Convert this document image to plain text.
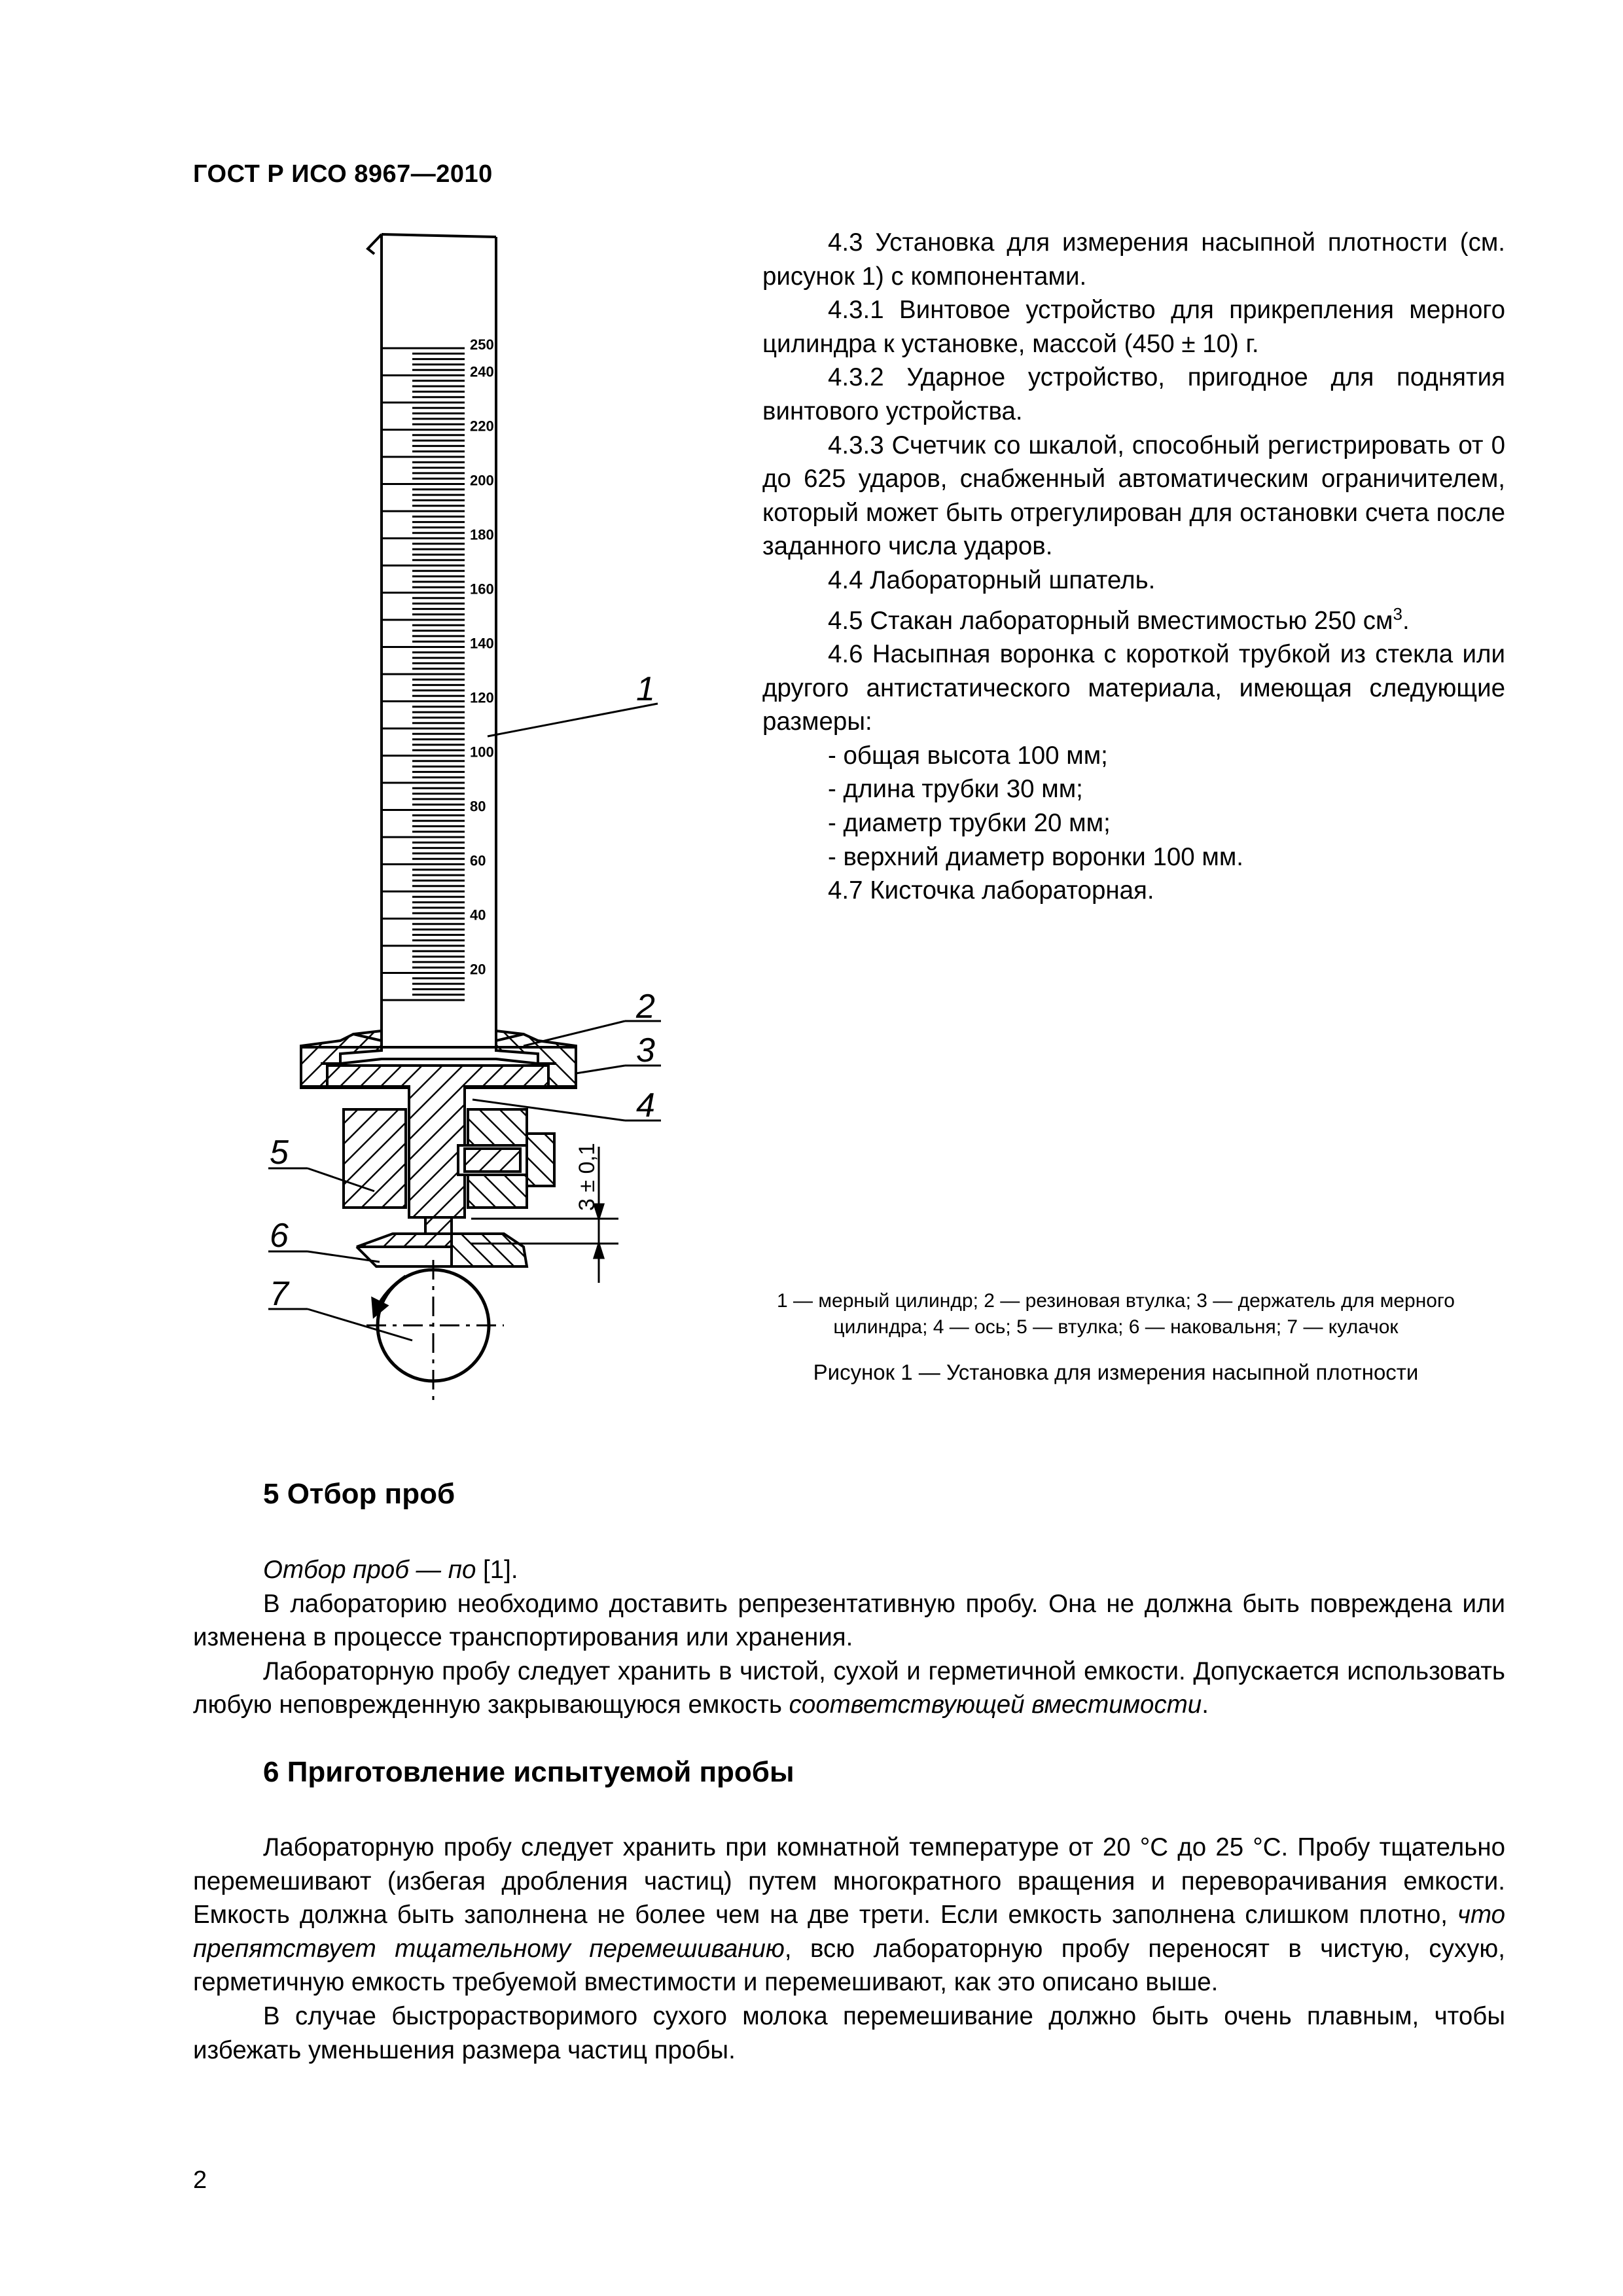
ГОСТ Р ИСО 8967—2010
250
240
220
200
180
160
140
120
100
80
60
40
20
3 ± 0,1
1
2
3
4
5
6
7

4.3 Установка для измерения насыпной плотности (см. рисунок 1) с компонентами.

4.3.1 Винтовое устройство для прикрепления мерного цилиндра к установке, массой (450 ± 10) г.

4.3.2 Ударное устройство, пригодное для поднятия винтового устройства.

4.3.3 Счетчик со шкалой, способный регистрировать от 0 до 625 ударов, снабженный автоматическим ограничителем, который может быть отрегулирован для остановки счета после заданного числа ударов.

4.4 Лабораторный шпатель.

4.5 Стакан лабораторный вместимостью 250 $см^3$.

4.6 Насыпная воронка с короткой трубкой из стекла или другого антистатического материала, имеющая следующие размеры:

- общая высота 100 мм;

- длина трубки 30 мм;

- диаметр трубки 20 мм;

- верхний диаметр воронки 100 мм.

4.7 Кисточка лабораторная.

1 — мерный цилиндр; 2 — резиновая втулка; 3 — держатель для мерного
цилиндра; 4 — ось; 5 — втулка; 6 — наковальня; 7 — кулачок
Рисунок 1 — Установка для измерения насыпной плотности
5 Отбор проб

Отбор проб — по [1].

В лабораторию необходимо доставить репрезентативную пробу. Она не должна быть повреждена или изменена в процессе транспортирования или хранения.

Лабораторную пробу следует хранить в чистой, сухой и герметичной емкости. Допускается использовать любую неповрежденную закрывающуюся емкость соответствующей вместимости.

6 Приготовление испытуемой пробы

Лабораторную пробу следует хранить при комнатной температуре от 20 °С до 25 °С. Пробу тщательно перемешивают (избегая дробления частиц) путем многократного вращения и переворачивания емкости. Емкость должна быть заполнена не более чем на две трети. Если емкость заполнена слишком плотно, что препятствует тщательному перемешиванию, всю лабораторную пробу переносят в чистую, сухую, герметичную емкость требуемой вместимости и перемешивают, как это описано выше.

В случае быстрорастворимого сухого молока перемешивание должно быть очень плавным, чтобы избежать уменьшения размера частиц пробы.

2
